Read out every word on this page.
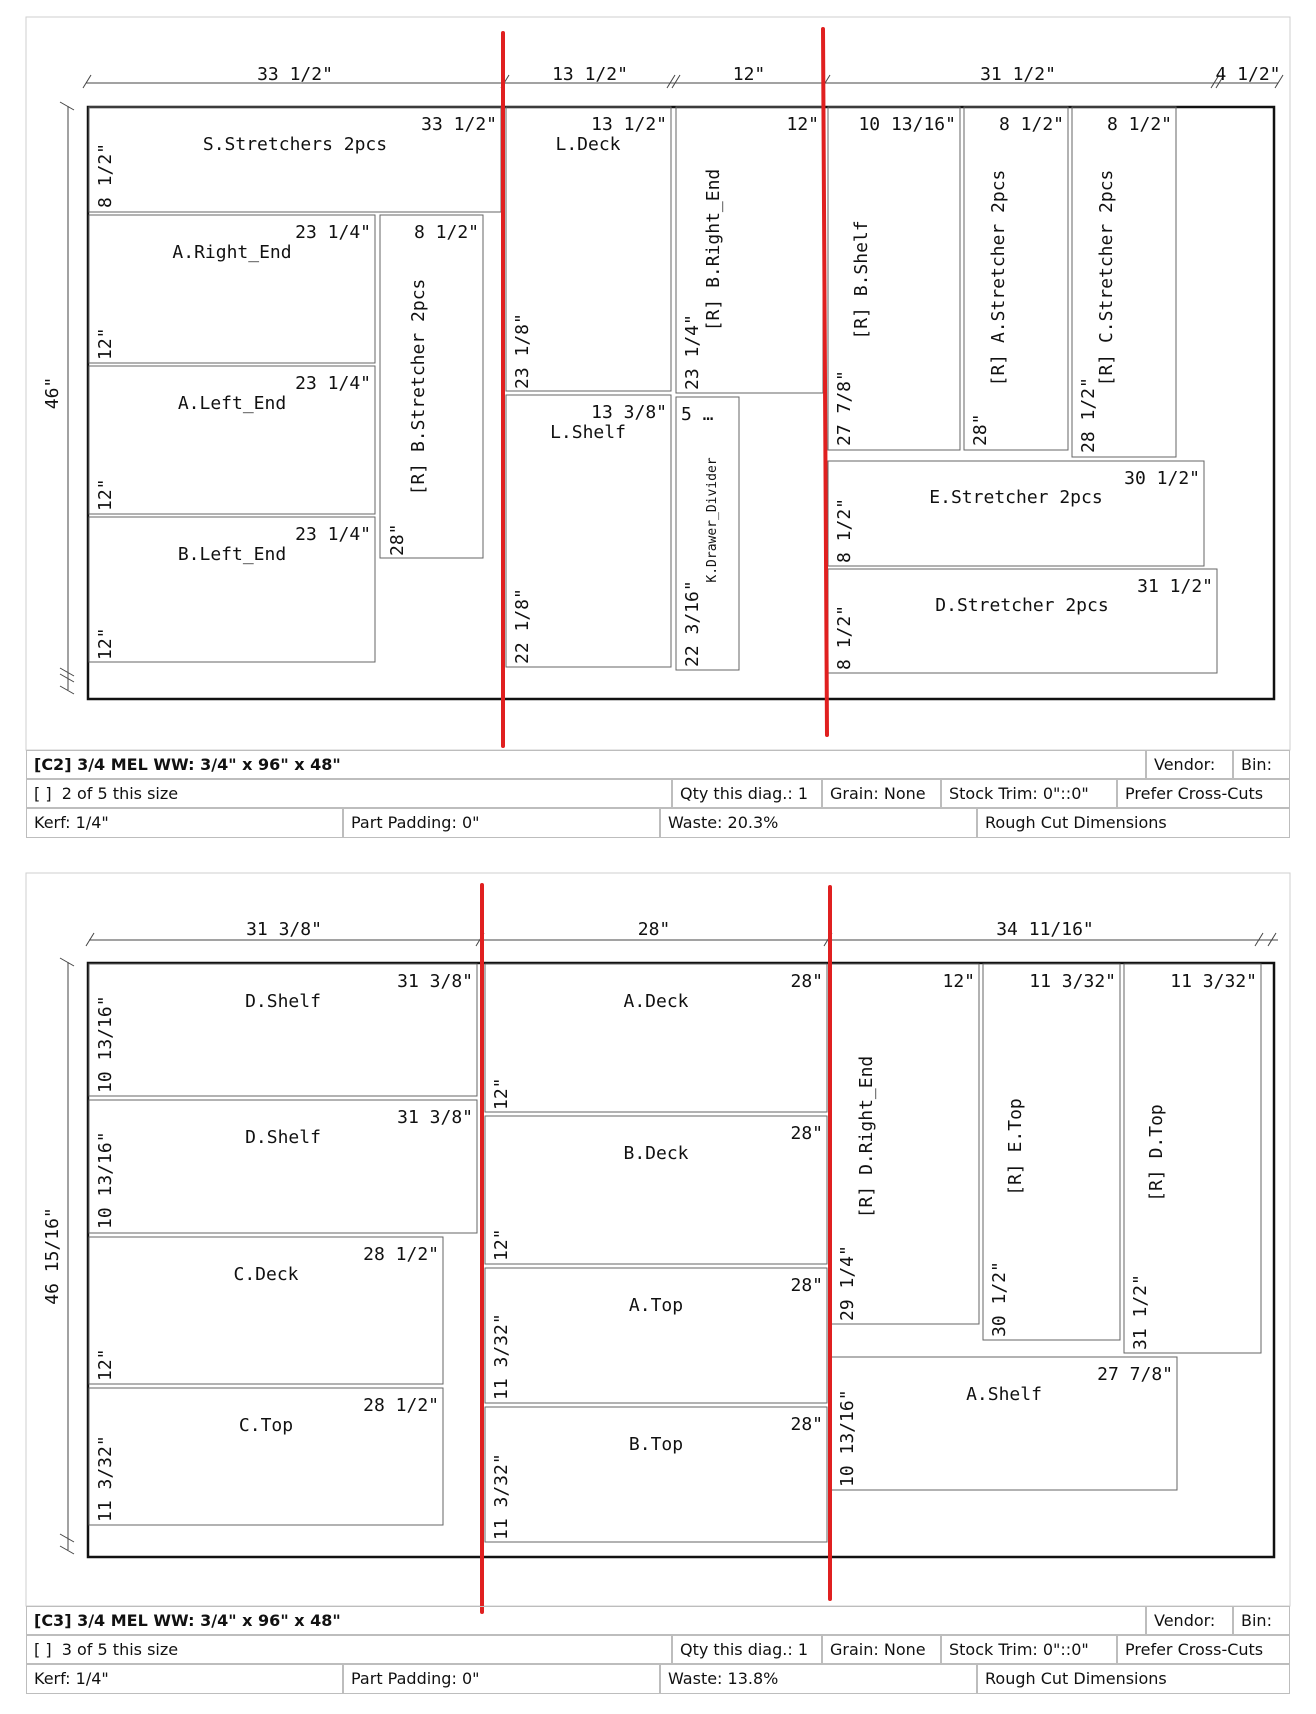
33 1/2"	13 1/2"	12"	31 1/2"	4 1/2"
46"
S.Stretchers 2pcs
33 1/2"
8 1/2"
A.Right_End
23 1/4"
12"
A.Left_End
23 1/4"
12"
B.Left_End
23 1/4"
12"
[R] B.Stretcher 2pcs
8 1/2"
28"
L.Deck
13 1/2"
23 1/8"
L.Shelf
13 3/8"
22 1/8"
[R] B.Right_End
12"
23 1/4"
K.Drawer_Divider
5 …
22 3/16"
[R] B.Shelf
10 13/16"
27 7/8"
[R] A.Stretcher 2pcs
8 1/2"
28"
[R] C.Stretcher 2pcs
8 1/2"
28 1/2"
E.Stretcher 2pcs
30 1/2"
8 1/2"
D.Stretcher 2pcs
31 1/2"
8 1/2"
31 3/8"	28"	34 11/16"
46 15/16"
D.Shelf
31 3/8"
10 13/16"
D.Shelf
31 3/8"
10 13/16"
C.Deck
28 1/2"
12"
C.Top
28 1/2"
11 3/32"
A.Deck
28"
12"
B.Deck
28"
12"
A.Top
28"
11 3/32"
B.Top
28"
11 3/32"
[R] D.Right_End
12"
29 1/4"
[R] E.Top
11 3/32"
30 1/2"
[R] D.Top
11 3/32"
31 1/2"
A.Shelf
27 7/8"
10 13/16"
[C2] 3/4 MEL WW: 3/4" x 96" x 48"	Vendor:	Bin:
[ ] 2 of 5 this size	Qty this diag.: 1	Grain: None	Stock Trim: 0"::0"	Prefer Cross-Cuts
Kerf: 1/4"	Part Padding: 0"	Waste: 20.3%	Rough Cut Dimensions
[C3] 3/4 MEL WW: 3/4" x 96" x 48"	Vendor:	Bin:
[ ] 3 of 5 this size	Qty this diag.: 1	Grain: None	Stock Trim: 0"::0"	Prefer Cross-Cuts
Kerf: 1/4"	Part Padding: 0"	Waste: 13.8%	Rough Cut Dimensions
